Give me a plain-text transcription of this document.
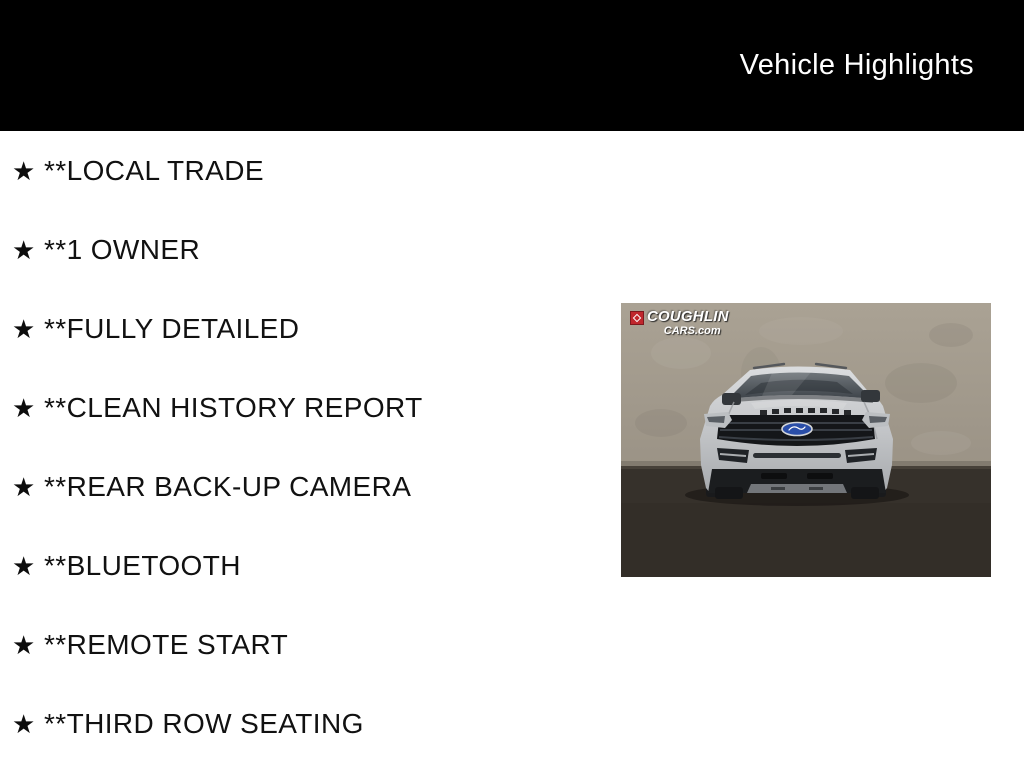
Vehicle Highlights
★ **LOCAL TRADE
★ **1 OWNER
★ **FULLY DETAILED
★ **CLEAN HISTORY REPORT
★ **REAR BACK-UP CAMERA
★ **BLUETOOTH
★ **REMOTE START
★ **THIRD ROW SEATING
COUGHLIN
CARS.com
